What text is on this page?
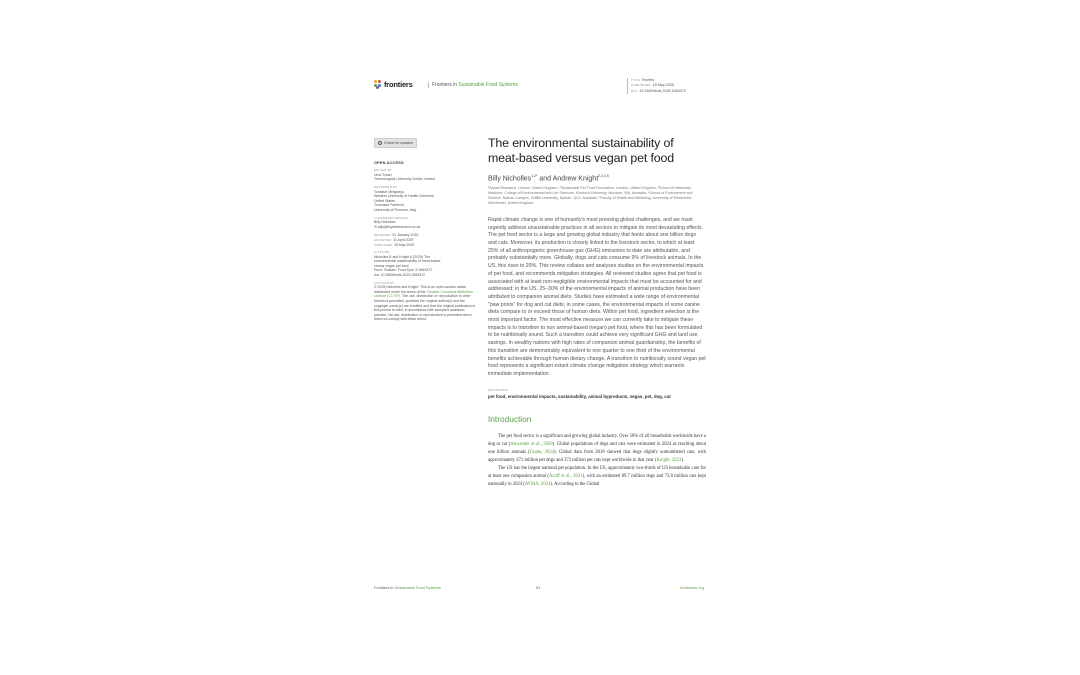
frontiers	Frontiers in Sustainable Food Systems
TYPE Review
PUBLISHED 15 May 2025
DOI 10.3389/fsufs.2025.1569372
Check for updates
OPEN ACCESS
EDITED BY
Uma Tiwari,
Technological University Dublin, Ireland
REVIEWED BY
Tonatiuh Melgarejo,
Western University of Health Sciences,
United States
Tommaso Fantechi,
University of Florence, Italy
*CORRESPONDENCE
Billy Nicholles
✉ billy@bryantresearch.co.uk
RECEIVED 31 January 2025
ACCEPTED 11 April 2025
PUBLISHED 15 May 2025
CITATION
Nicholles B and Knight A (2025) The
environmental sustainability of meat-based
versus vegan pet food.
Front. Sustain. Food Syst. 9:1569372.
doi: 10.3389/fsufs.2025.1569372
COPYRIGHT
© 2025 Nicholles and Knight. This is an open-access article distributed under the terms of the Creative Commons Attribution License (CC BY). The use, distribution or reproduction in other forums is permitted, provided the original author(s) and the copyright owner(s) are credited and that the original publication in this journal is cited, in accordance with accepted academic practice. No use, distribution or reproduction is permitted which does not comply with these terms.
The environmental sustainability of meat-based versus vegan pet food
Billy Nicholles$^{1,2*}$ and Andrew Knight$^{2,3,4,5}$
¹Bryant Research, London, United Kingdom, ²Sustainable Pet Food Foundation, London, United Kingdom, ³School of Veterinary Medicine, College of Environmental and Life Sciences, Murdoch University, Murdoch, WA, Australia, ⁴School of Environment and Science, Nathan Campus, Griffith University, Nathan, QLD, Australia, ⁵Faculty of Health and Wellbeing, University of Winchester, Winchester, United Kingdom
Rapid climate change is one of humanity's most pressing global challenges, and we must urgently address unsustainable practices in all sectors to mitigate its most devastating effects. The pet food sector is a large and growing global industry that feeds about one billion dogs and cats. Moreover, its production is closely linked to the livestock sector, to which at least 25% of all anthropogenic greenhouse gas (GHG) emissions to date are attributable, and probably substantially more. Globally, dogs and cats consume 9% of livestock animals. In the US, this rises to 20%. This review collates and analyses studies on the environmental impacts of pet food, and recommends mitigation strategies. All reviewed studies agree that pet food is associated with at least non-negligible environmental impacts that must be accounted for and addressed; in the US, 25–30% of the environmental impacts of animal production have been attributed to companion animal diets. Studies have estimated a wide range of environmental "paw prints" for dog and cat diets; in some cases, the environmental impacts of some canine diets compare to or exceed those of human diets. Within pet food, ingredient selection is the most important factor. The most effective measure we can currently take to mitigate these impacts is to transition to non animal-based (vegan) pet food, where this has been formulated to be nutritionally sound. Such a transition could achieve very significant GHG and land use savings. In wealthy nations with high rates of companion animal guardianship, the benefits of this transition are demonstrably equivalent to one quarter to one third of the environmental benefits achievable through human dietary change. A transition to nutritionally sound vegan pet food represents a significant extant climate change mitigation strategy which warrants immediate implementation.
KEYWORDS
pet food, environmental impacts, sustainability, animal byproducts, vegan, pet, dog, cat
Introduction

The pet food sector is a significant and growing global industry. Over 50% of all households worldwide have a dog or cat (Alexander et al., 2020). Global populations of dogs and cats were estimated in 2024 as reaching about one billion animals (Gupta, 2024). Global data from 2018 showed that dogs slightly outnumbered cats, with approximately 471 million pet dogs and 373 million pet cats kept worldwide in that year (Knight, 2023).

The US has the largest national pet population. In the US, approximately two-thirds of US households care for at least one companion animal (Acuff et al., 2021), with an estimated 89.7 million dogs and 73.8 million cats kept nationally in 2024 (AVMA, 2024). According to the Global

Frontiers in Sustainable Food Systems	01	frontiersin.org
